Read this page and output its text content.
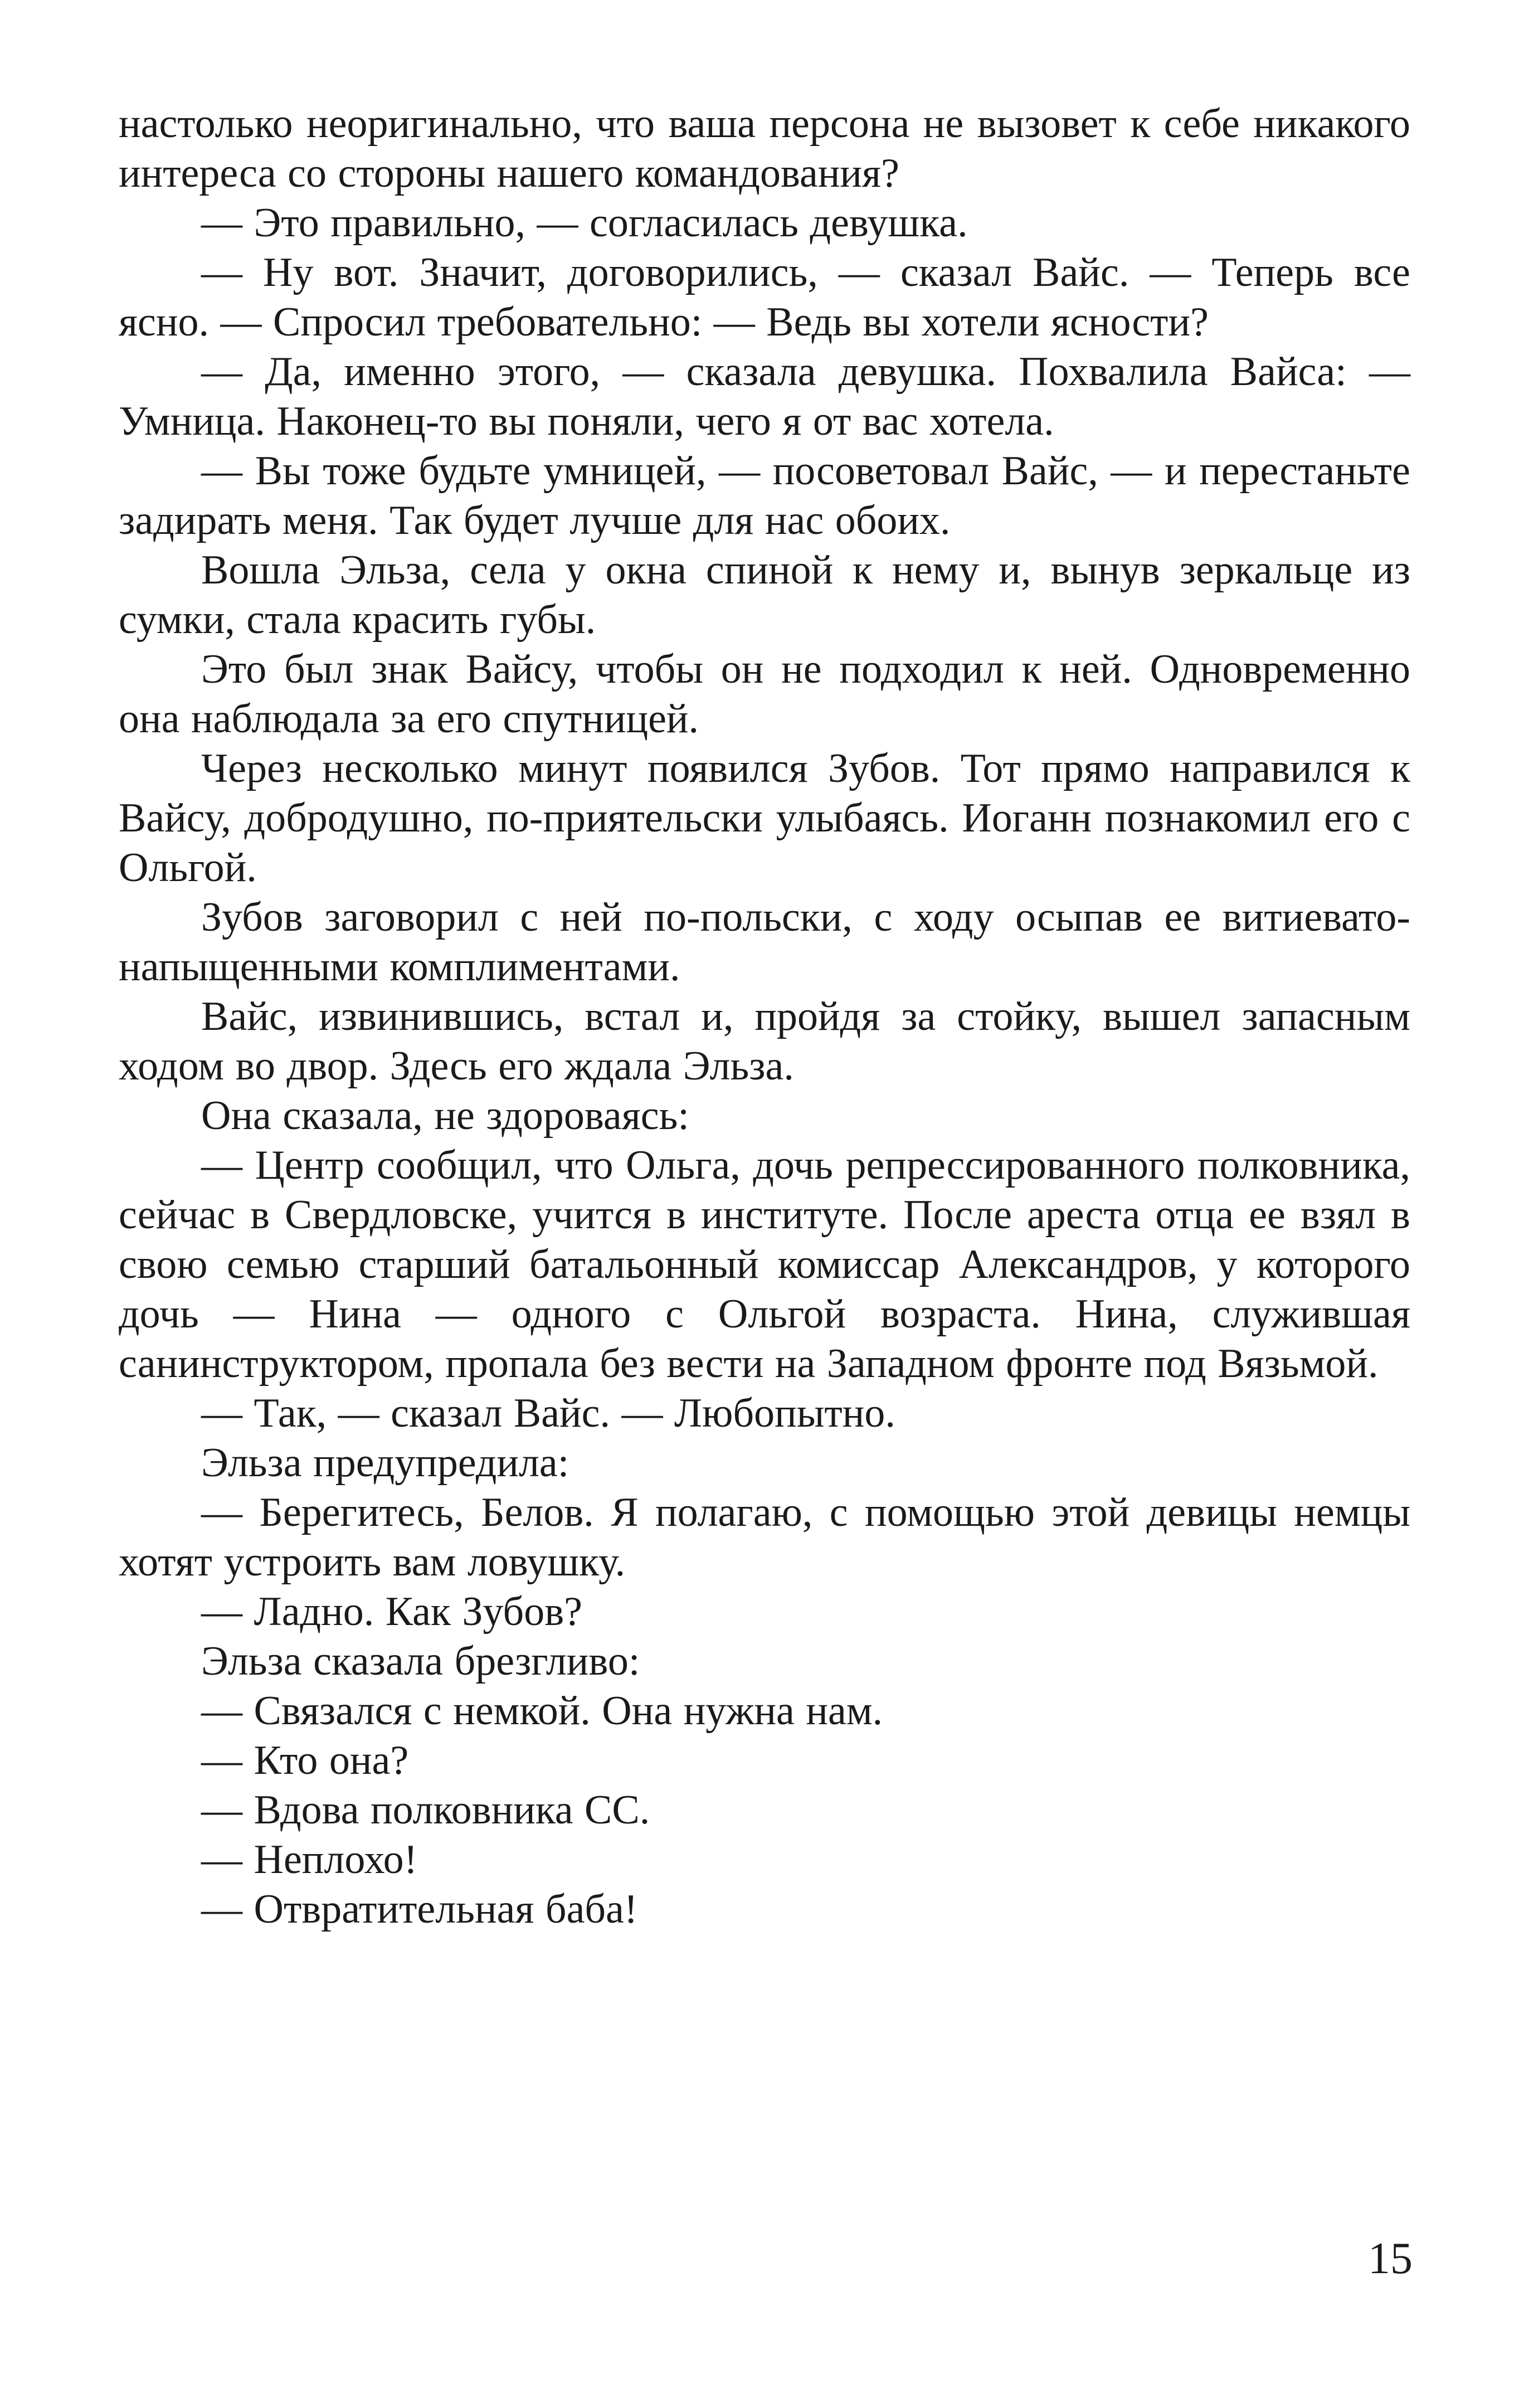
настолько неоригинально, что ваша персона не вызовет к себе никакого интереса со стороны нашего командования?

— Это правильно, — согласилась девушка.

— Ну вот. Значит, договорились, — сказал Вайс. — Теперь все ясно. — Спросил требовательно: — Ведь вы хотели ясности?

— Да, именно этого, — сказала девушка. Похвалила Вайса: — Умница. Наконец-то вы поняли, чего я от вас хотела.

— Вы тоже будьте умницей, — посоветовал Вайс, — и перестаньте задирать меня. Так будет лучше для нас обоих.

Вошла Эльза, села у окна спиной к нему и, вынув зеркальце из сумки, стала красить губы.

Это был знак Вайсу, чтобы он не подходил к ней. Одновременно она наблюдала за его спутницей.

Через несколько минут появился Зубов. Тот прямо направился к Вайсу, добродушно, по-приятельски улыбаясь. Иоганн познакомил его с Ольгой.

Зубов заговорил с ней по-польски, с ходу осыпав ее витиевато-напыщенными комплиментами.

Вайс, извинившись, встал и, пройдя за стойку, вышел запасным ходом во двор. Здесь его ждала Эльза.

Она сказала, не здороваясь:

— Центр сообщил, что Ольга, дочь репрессированного полковника, сейчас в Свердловске, учится в институте. После ареста отца ее взял в свою семью старший батальонный комиссар Александров, у которого дочь — Нина — одного с Ольгой возраста. Нина, служившая санинструктором, пропала без вести на Западном фронте под Вязьмой.

— Так, — сказал Вайс. — Любопытно.

Эльза предупредила:

— Берегитесь, Белов. Я полагаю, с помощью этой девицы немцы хотят устроить вам ловушку.

— Ладно. Как Зубов?

Эльза сказала брезгливо:

— Связался с немкой. Она нужна нам.

— Кто она?

— Вдова полковника СС.

— Неплохо!

— Отвратительная баба!

15
